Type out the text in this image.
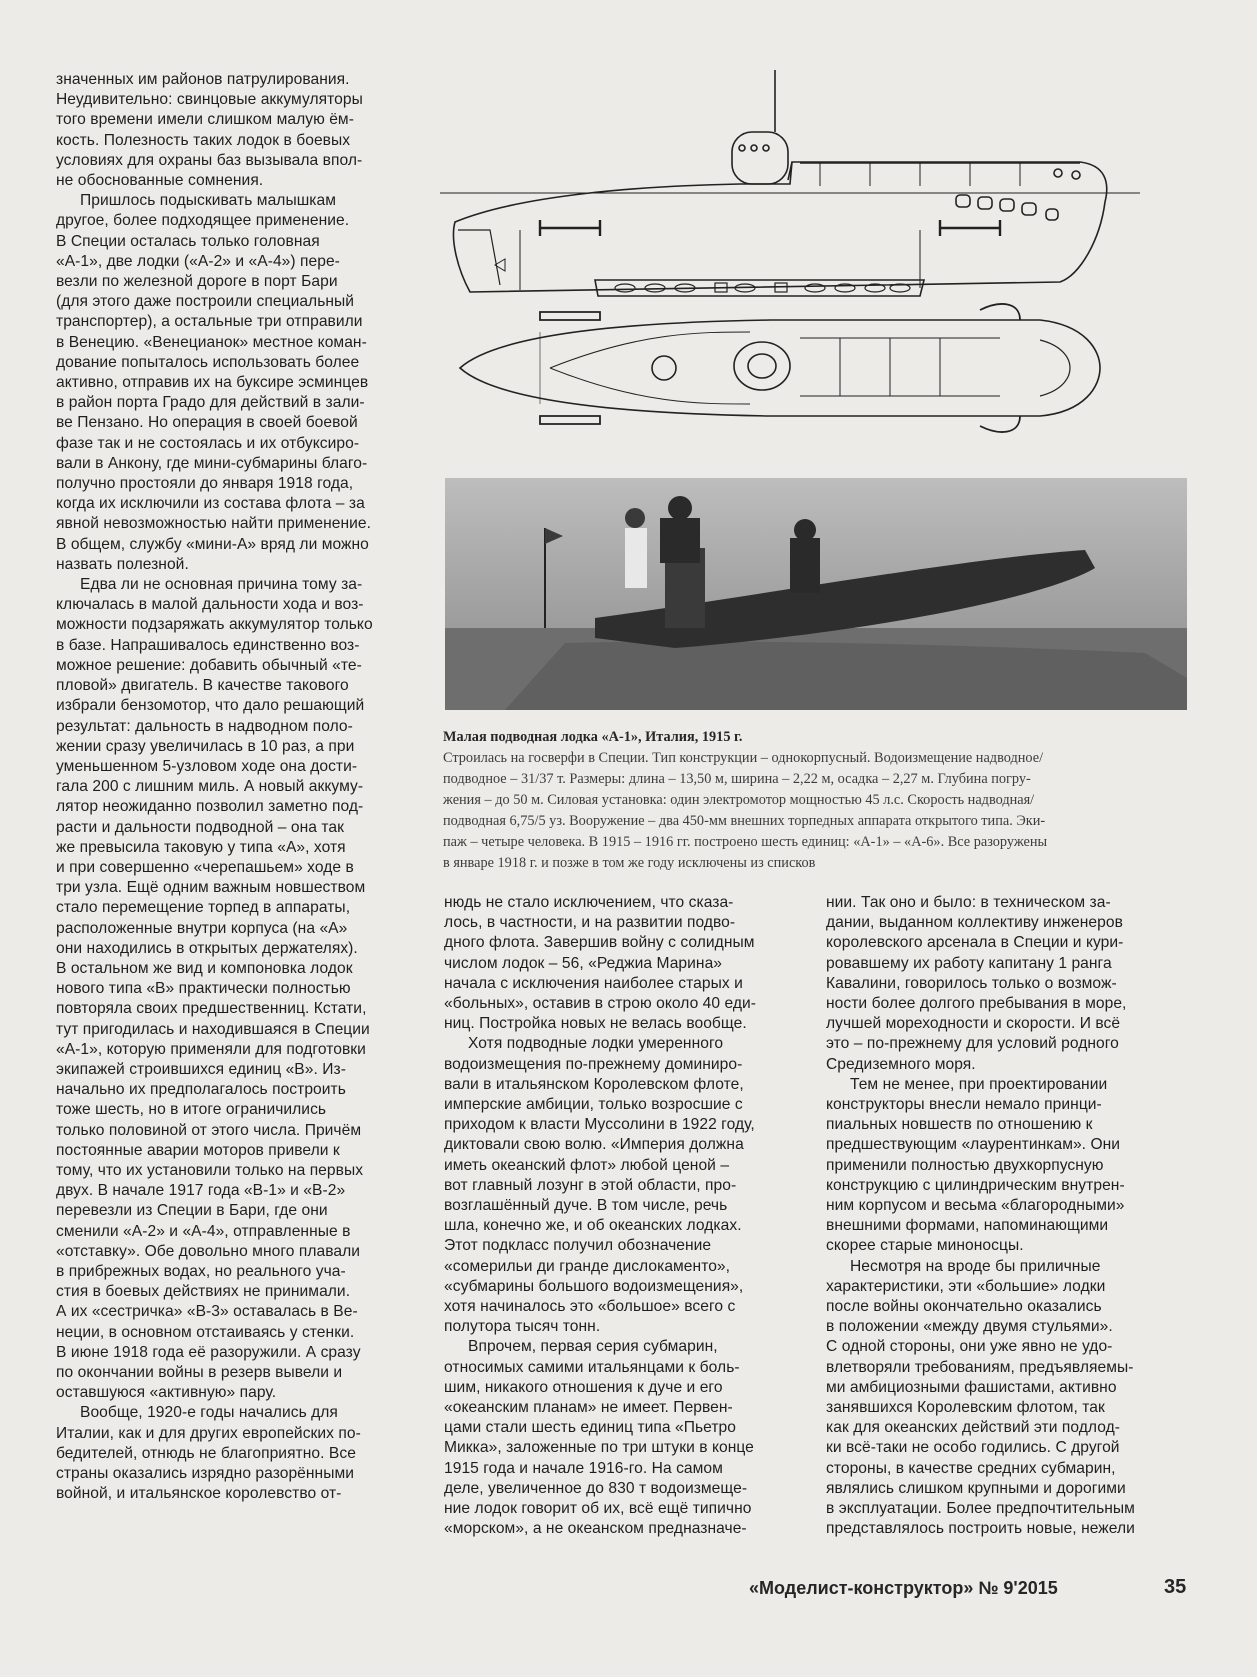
значенных им районов патрулирования.
Неудивительно: свинцовые аккумуляторы
того времени имели слишком малую ём-
кость. Полезность таких лодок в боевых
условиях для охраны баз вызывала впол-
не обоснованные сомнения.

Пришлось подыскивать малышкам
другое, более подходящее применение.
В Специи осталась только головная
«А-1», две лодки («А-2» и «А-4») пере-
везли по железной дороге в порт Бари
(для этого даже построили специальный
транспортер), а остальные три отправили
в Венецию. «Венецианок» местное коман-
дование попыталось использовать более
активно, отправив их на буксире эсминцев
в район порта Градо для действий в зали-
ве Пензано. Но операция в своей боевой
фазе так и не состоялась и их отбуксиро-
вали в Анкону, где мини-субмарины благо-
получно простояли до января 1918 года,
когда их исключили из состава флота – за
явной невозможностью найти применение.
В общем, службу «мини-А» вряд ли можно
назвать полезной.

Едва ли не основная причина тому за-
ключалась в малой дальности хода и воз-
можности подзаряжать аккумулятор только
в базе. Напрашивалось единственно воз-
можное решение: добавить обычный «те-
пловой» двигатель. В качестве такового
избрали бензомотор, что дало решающий
результат: дальность в надводном поло-
жении сразу увеличилась в 10 раз, а при
уменьшенном 5-узловом ходе она дости-
гала 200 с лишним миль. А новый аккуму-
лятор неожиданно позволил заметно под-
расти и дальности подводной – она так
же превысила таковую у типа «А», хотя
и при совершенно «черепашьем» ходе в
три узла. Ещё одним важным новшеством
стало перемещение торпед в аппараты,
расположенные внутри корпуса (на «А»
они находились в открытых держателях).
В остальном же вид и компоновка лодок
нового типа «В» практически полностью
повторяла своих предшественниц. Кстати,
тут пригодилась и находившаяся в Специи
«А-1», которую применяли для подготовки
экипажей строившихся единиц «В». Из-
начально их предполагалось построить
тоже шесть, но в итоге ограничились
только половиной от этого числа. Причём
постоянные аварии моторов привели к
тому, что их установили только на первых
двух. В начале 1917 года «В-1» и «В-2»
перевезли из Специи в Бари, где они
сменили «А-2» и «А-4», отправленные в
«отставку». Обе довольно много плавали
в прибрежных водах, но реального уча-
стия в боевых действиях не принимали.
А их «сестричка» «В-3» оставалась в Ве-
неции, в основном отстаиваясь у стенки.
В июне 1918 года её разоружили. А сразу
по окончании войны в резерв вывели и
оставшуюся «активную» пару.

Вообще, 1920-е годы начались для
Италии, как и для других европейских по-
бедителей, отнюдь не благоприятно. Все
страны оказались изрядно разорёнными
войной, и итальянское королевство от-

Малая подводная лодка «А-1», Италия, 1915 г.
Строилась на госверфи в Специи. Тип конструкции – однокорпусный. Водоизмещение надводное/
подводное – 31/37 т. Размеры: длина – 13,50 м, ширина – 2,22 м, осадка – 2,27 м. Глубина погру-
жения – до 50 м. Силовая установка: один электромотор мощностью 45 л.с. Скорость надводная/
подводная 6,75/5 уз. Вооружение – два 450-мм внешних торпедных аппарата открытого типа. Эки-
паж – четыре человека. В 1915 – 1916 гг. построено шесть единиц: «А-1» – «А-6». Все разоружены
в январе 1918 г. и позже в том же году исключены из списков

нюдь не стало исключением, что сказа-
лось, в частности, и на развитии подво-
дного флота. Завершив войну с солидным
числом лодок – 56, «Реджиа Марина»
начала с исключения наиболее старых и
«больных», оставив в строю около 40 еди-
ниц. Постройка новых не велась вообще.

Хотя подводные лодки умеренного
водоизмещения по-прежнему доминиро-
вали в итальянском Королевском флоте,
имперские амбиции, только возросшие с
приходом к власти Муссолини в 1922 году,
диктовали свою волю. «Империя должна
иметь океанский флот» любой ценой –
вот главный лозунг в этой области, про-
возглашённый дуче. В том числе, речь
шла, конечно же, и об океанских лодках.
Этот подкласс получил обозначение
«сомерильи ди гранде дислокаменто»,
«субмарины большого водоизмещения»,
хотя начиналось это «большое» всего с
полутора тысяч тонн.

Впрочем, первая серия субмарин,
относимых самими итальянцами к боль-
шим, никакого отношения к дуче и его
«океанским планам» не имеет. Первен-
цами стали шесть единиц типа «Пьетро
Микка», заложенные по три штуки в конце
1915 года и начале 1916-го. На самом
деле, увеличенное до 830 т водоизмеще-
ние лодок говорит об их, всё ещё типично
«морском», а не океанском предназначе-

нии. Так оно и было: в техническом за-
дании, выданном коллективу инженеров
королевского арсенала в Специи и кури-
ровавшему их работу капитану 1 ранга
Кавалини, говорилось только о возмож-
ности более долгого пребывания в море,
лучшей мореходности и скорости. И всё
это – по-прежнему для условий родного
Средиземного моря.

Тем не менее, при проектировании
конструкторы внесли немало принци-
пиальных новшеств по отношению к
предшествующим «лаурентинкам». Они
применили полностью двухкорпусную
конструкцию с цилиндрическим внутрен-
ним корпусом и весьма «благородными»
внешними формами, напоминающими
скорее старые миноносцы.

Несмотря на вроде бы приличные
характеристики, эти «большие» лодки
после войны окончательно оказались
в положении «между двумя стульями».
С одной стороны, они уже явно не удо-
влетворяли требованиям, предъявляемы-
ми амбициозными фашистами, активно
занявшихся Королевским флотом, так
как для океанских действий эти подлод-
ки всё-таки не особо годились. С другой
стороны, в качестве средних субмарин,
являлись слишком крупными и дорогими
в эксплуатации. Более предпочтительным
представлялось построить новые, нежели

«Моделист-конструктор» № 9'2015	35
